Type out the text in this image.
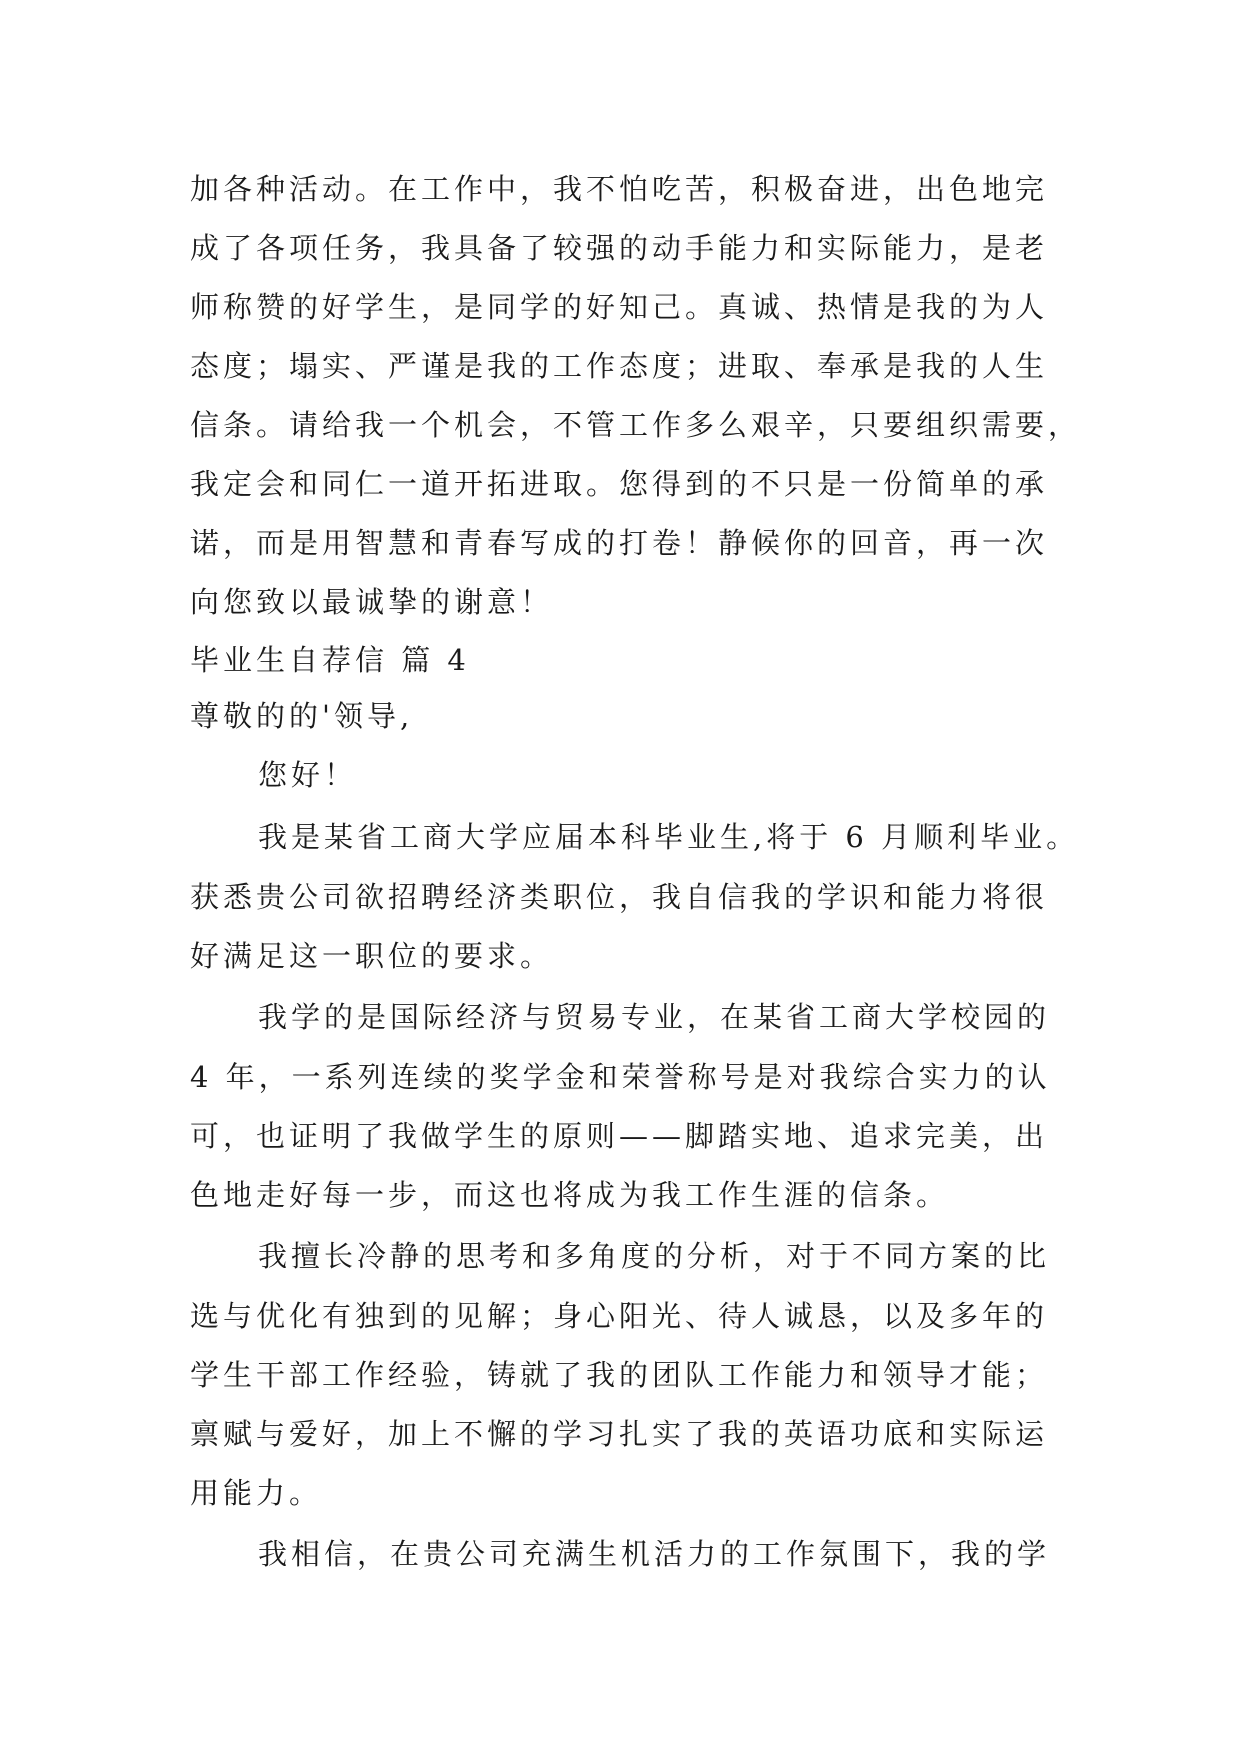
加各种活动。在工作中，我不怕吃苦，积极奋进，出色地完
成了各项任务，我具备了较强的动手能力和实际能力，是老
师称赞的好学生，是同学的好知己。真诚、热情是我的为人
态度；塌实、严谨是我的工作态度；进取、奉承是我的人生
信条。请给我一个机会，不管工作多么艰辛，只要组织需要，
我定会和同仁一道开拓进取。您得到的不只是一份简单的承
诺，而是用智慧和青春写成的打卷！静候你的回音，再一次
向您致以最诚挚的谢意！
毕业生自荐信 篇 4
尊敬的的'领导,
您好！
我是某省工商大学应届本科毕业生,将于 6 月顺利毕业。
获悉贵公司欲招聘经济类职位，我自信我的学识和能力将很
好满足这一职位的要求。
我学的是国际经济与贸易专业，在某省工商大学校园的
4 年，一系列连续的奖学金和荣誉称号是对我综合实力的认
可，也证明了我做学生的原则——脚踏实地、追求完美，出
色地走好每一步，而这也将成为我工作生涯的信条。
我擅长冷静的思考和多角度的分析，对于不同方案的比
选与优化有独到的见解；身心阳光、待人诚恳，以及多年的
学生干部工作经验，铸就了我的团队工作能力和领导才能；
禀赋与爱好，加上不懈的学习扎实了我的英语功底和实际运
用能力。
我相信，在贵公司充满生机活力的工作氛围下，我的学
